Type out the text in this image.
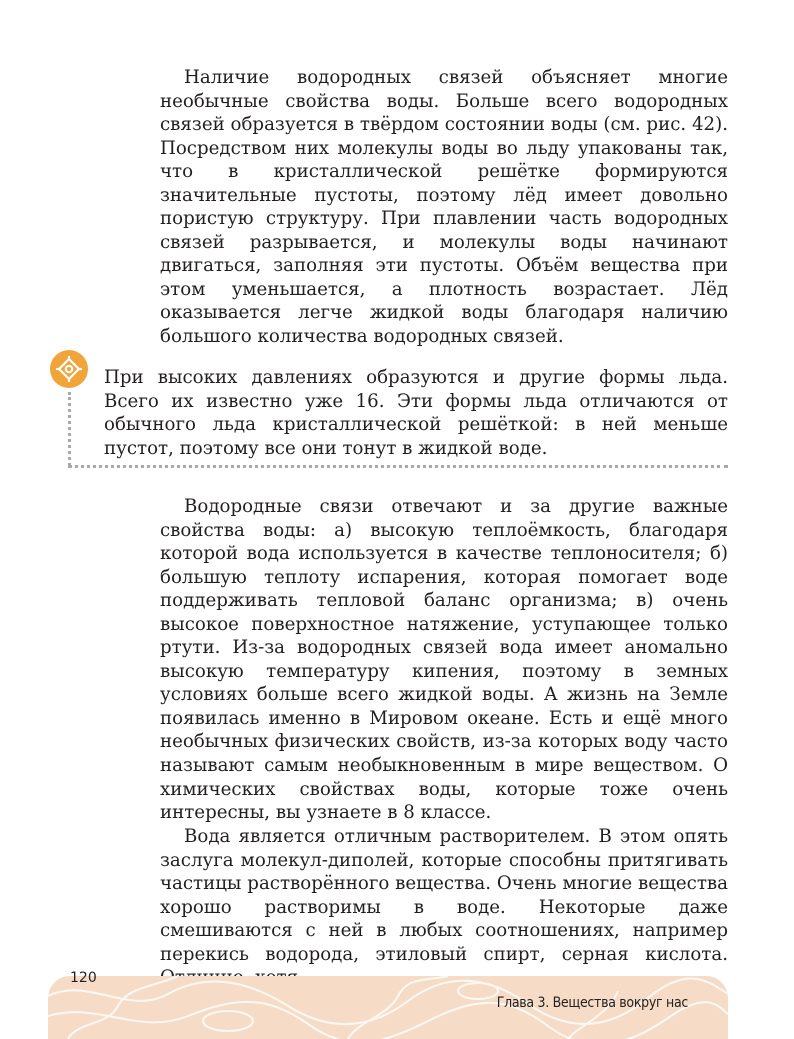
Наличие водородных связей объясняет многие необычные свойства воды. Больше всего водородных связей образуется в твёрдом состоянии воды (см. рис. 42). Посредством них молекулы воды во льду упакованы так, что в кристаллической решётке формируются значительные пустоты, поэтому лёд имеет довольно пористую структуру. При плавлении часть водородных связей разрывается, и молекулы воды начинают двигаться, заполняя эти пустоты. Объём вещества при этом уменьшается, а плотность возрастает. Лёд оказывается легче жидкой воды благодаря наличию большого количества водородных связей.

При высоких давлениях образуются и другие формы льда. Всего их известно уже 16. Эти формы льда отличаются от обычного льда кристаллической решёткой: в ней меньше пустот, поэтому все они тонут в жидкой воде.

Водородные связи отвечают и за другие важные свойства воды: а) высокую теплоёмкость, благодаря которой вода используется в качестве теплоносителя; б) большую теплоту испарения, которая помогает воде поддерживать тепловой баланс организма; в) очень высокое поверхностное натяжение, уступающее только ртути. Из-за водородных связей вода имеет аномально высокую температуру кипения, поэтому в земных условиях больше всего жидкой воды. А жизнь на Земле появилась именно в Мировом океане. Есть и ещё много необычных физических свойств, из-за которых воду часто называют самым необыкновенным в мире веществом. О химических свойствах воды, которые тоже очень интересны, вы узнаете в 8 классе.

Вода является отличным растворителем. В этом опять заслуга молекул-диполей, которые способны притягивать частицы растворённого вещества. Очень многие вещества хорошо растворимы в воде. Некоторые даже смешиваются с ней в любых соотношениях, например перекись водорода, этиловый спирт, серная кислота.

120
Глава 3. Вещества вокруг нас
